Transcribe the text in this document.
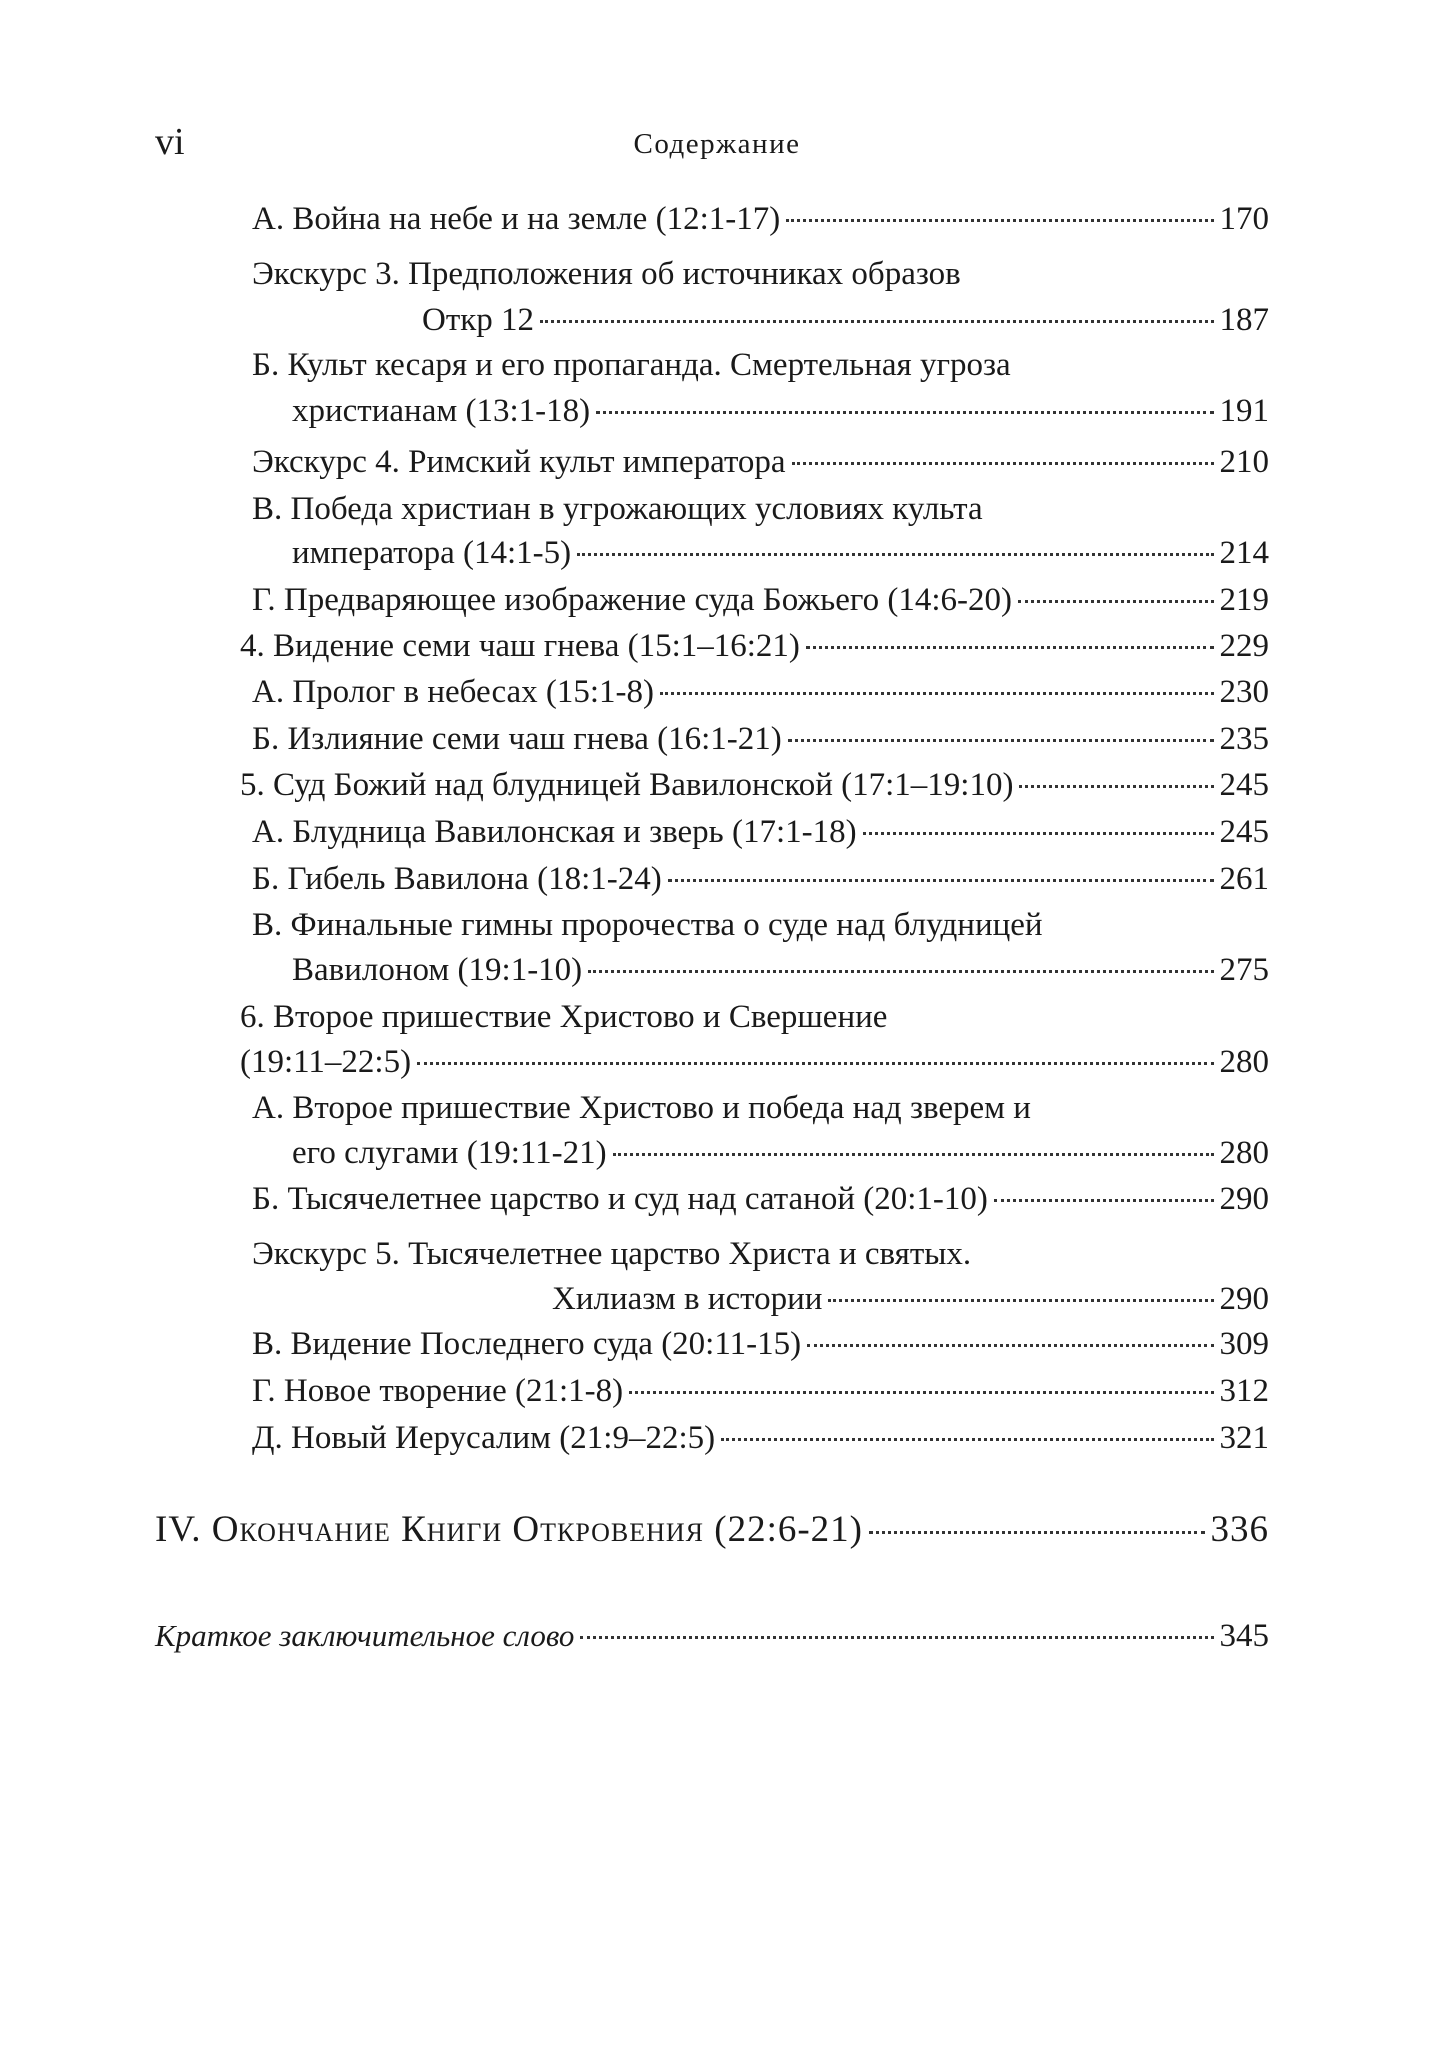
vi	Содержание
А. Война на небе и на земле (12:1-17)	170
Экскурс 3. Предположения об источниках образов
Откр 12	187
Б. Культ кесаря и его пропаганда. Смертельная угроза
христианам (13:1-18)	191
Экскурс 4. Римский культ императора	210
В. Победа христиан в угрожающих условиях культа
императора (14:1-5)	214
Г. Предваряющее изображение суда Божьего (14:6-20)	219
4. Видение семи чаш гнева (15:1–16:21)	229
А. Пролог в небесах (15:1-8)	230
Б. Излияние семи чаш гнева (16:1-21)	235
5. Суд Божий над блудницей Вавилонской (17:1–19:10)	245
А. Блудница Вавилонская и зверь (17:1-18)	245
Б. Гибель Вавилона (18:1-24)	261
В. Финальные гимны пророчества о суде над блудницей
Вавилоном (19:1-10)	275
6. Второе пришествие Христово и Свершение
(19:11–22:5)	280
А. Второе пришествие Христово и победа над зверем и
его слугами (19:11-21)	280
Б. Тысячелетнее царство и суд над сатаной (20:1-10)	290
Экскурс 5. Тысячелетнее царство Христа и святых.
Хилиазм в истории	290
В. Видение Последнего суда (20:11-15)	309
Г. Новое творение (21:1-8)	312
Д. Новый Иерусалим (21:9–22:5)	321
IV. Окончание Книги Откровения (22:6-21)	336
Краткое заключительное слово	345
